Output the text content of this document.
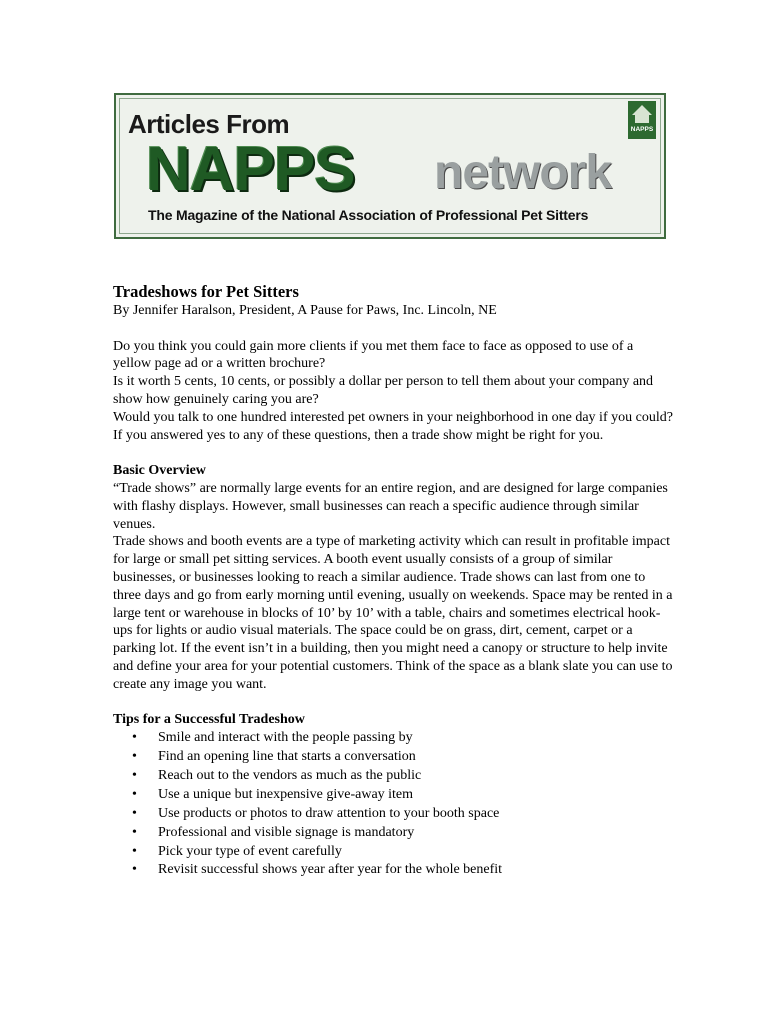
Articles From
NAPPS network
The Magazine of the National Association of Professional Pet Sitters
NAPPS

Tradeshows for Pet Sitters

By Jennifer Haralson, President, A Pause for Paws, Inc. Lincoln, NE

Do you think you could gain more clients if you met them face to face as opposed to use of a yellow page ad or a written brochure?

Is it worth 5 cents, 10 cents, or possibly a dollar per person to tell them about your company and show how genuinely caring you are?

Would you talk to one hundred interested pet owners in your neighborhood in one day if you could?

If you answered yes to any of these questions, then a trade show might be right for you.

Basic Overview

“Trade shows” are normally large events for an entire region, and are designed for large companies with flashy displays. However, small businesses can reach a specific audience through similar venues.

Trade shows and booth events are a type of marketing activity which can result in profitable impact for large or small pet sitting services. A booth event usually consists of a group of similar businesses, or businesses looking to reach a similar audience. Trade shows can last from one to three days and go from early morning until evening, usually on weekends. Space may be rented in a large tent or warehouse in blocks of 10’ by 10’ with a table, chairs and sometimes electrical hook-ups for lights or audio visual materials. The space could be on grass, dirt, cement, carpet or a parking lot. If the event isn’t in a building, then you might need a canopy or structure to help invite and define your area for your potential customers. Think of the space as a blank slate you can use to create any image you want.

Tips for a Successful Tradeshow

• Smile and interact with the people passing by
• Find an opening line that starts a conversation
• Reach out to the vendors as much as the public
• Use a unique but inexpensive give-away item
• Use products or photos to draw attention to your booth space
• Professional and visible signage is mandatory
• Pick your type of event carefully
• Revisit successful shows year after year for the whole benefit
